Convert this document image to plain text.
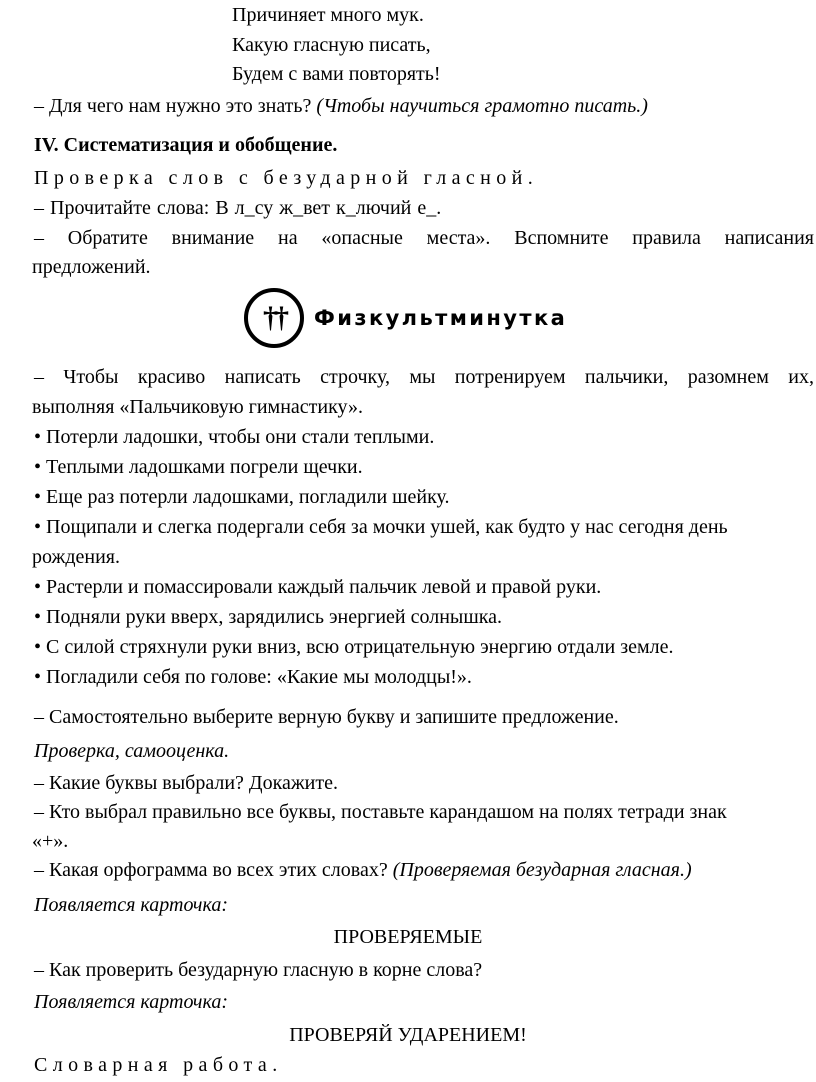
Причиняет много мук.
Какую гласную писать,
Будем с вами повторять!
– Для чего нам нужно это знать? (Чтобы научиться грамотно писать.)
IV. Систематизация и обобщение.
Проверка слов с безударной гласной.
– Прочитайте слова: В л_су ж_вет к_лючий е_.
– Обратите внимание на «опасные места». Вспомните правила написания
предложений.
††	Физкультминутка
– Чтобы красиво написать строчку, мы потренируем пальчики, разомнем их,
выполняя «Пальчиковую гимнастику».
• Потерли ладошки, чтобы они стали теплыми.
• Теплыми ладошками погрели щечки.
• Еще раз потерли ладошками, погладили шейку.
• Пощипали и слегка подергали себя за мочки ушей, как будто у нас сегодня день
рождения.
• Растерли и помассировали каждый пальчик левой и правой руки.
• Подняли руки вверх, зарядились энергией солнышка.
• С силой стряхнули руки вниз, всю отрицательную энергию отдали земле.
• Погладили себя по голове: «Какие мы молодцы!».
– Самостоятельно выберите верную букву и запишите предложение.
Проверка, самооценка.
– Какие буквы выбрали? Докажите.
– Кто выбрал правильно все буквы, поставьте карандашом на полях тетради знак
«+».
– Какая орфограмма во всех этих словах? (Проверяемая безударная гласная.)
Появляется карточка:
ПРОВЕРЯЕМЫЕ
– Как проверить безударную гласную в корне слова?
Появляется карточка:
ПРОВЕРЯЙ УДАРЕНИЕМ!
Словарная работа.
